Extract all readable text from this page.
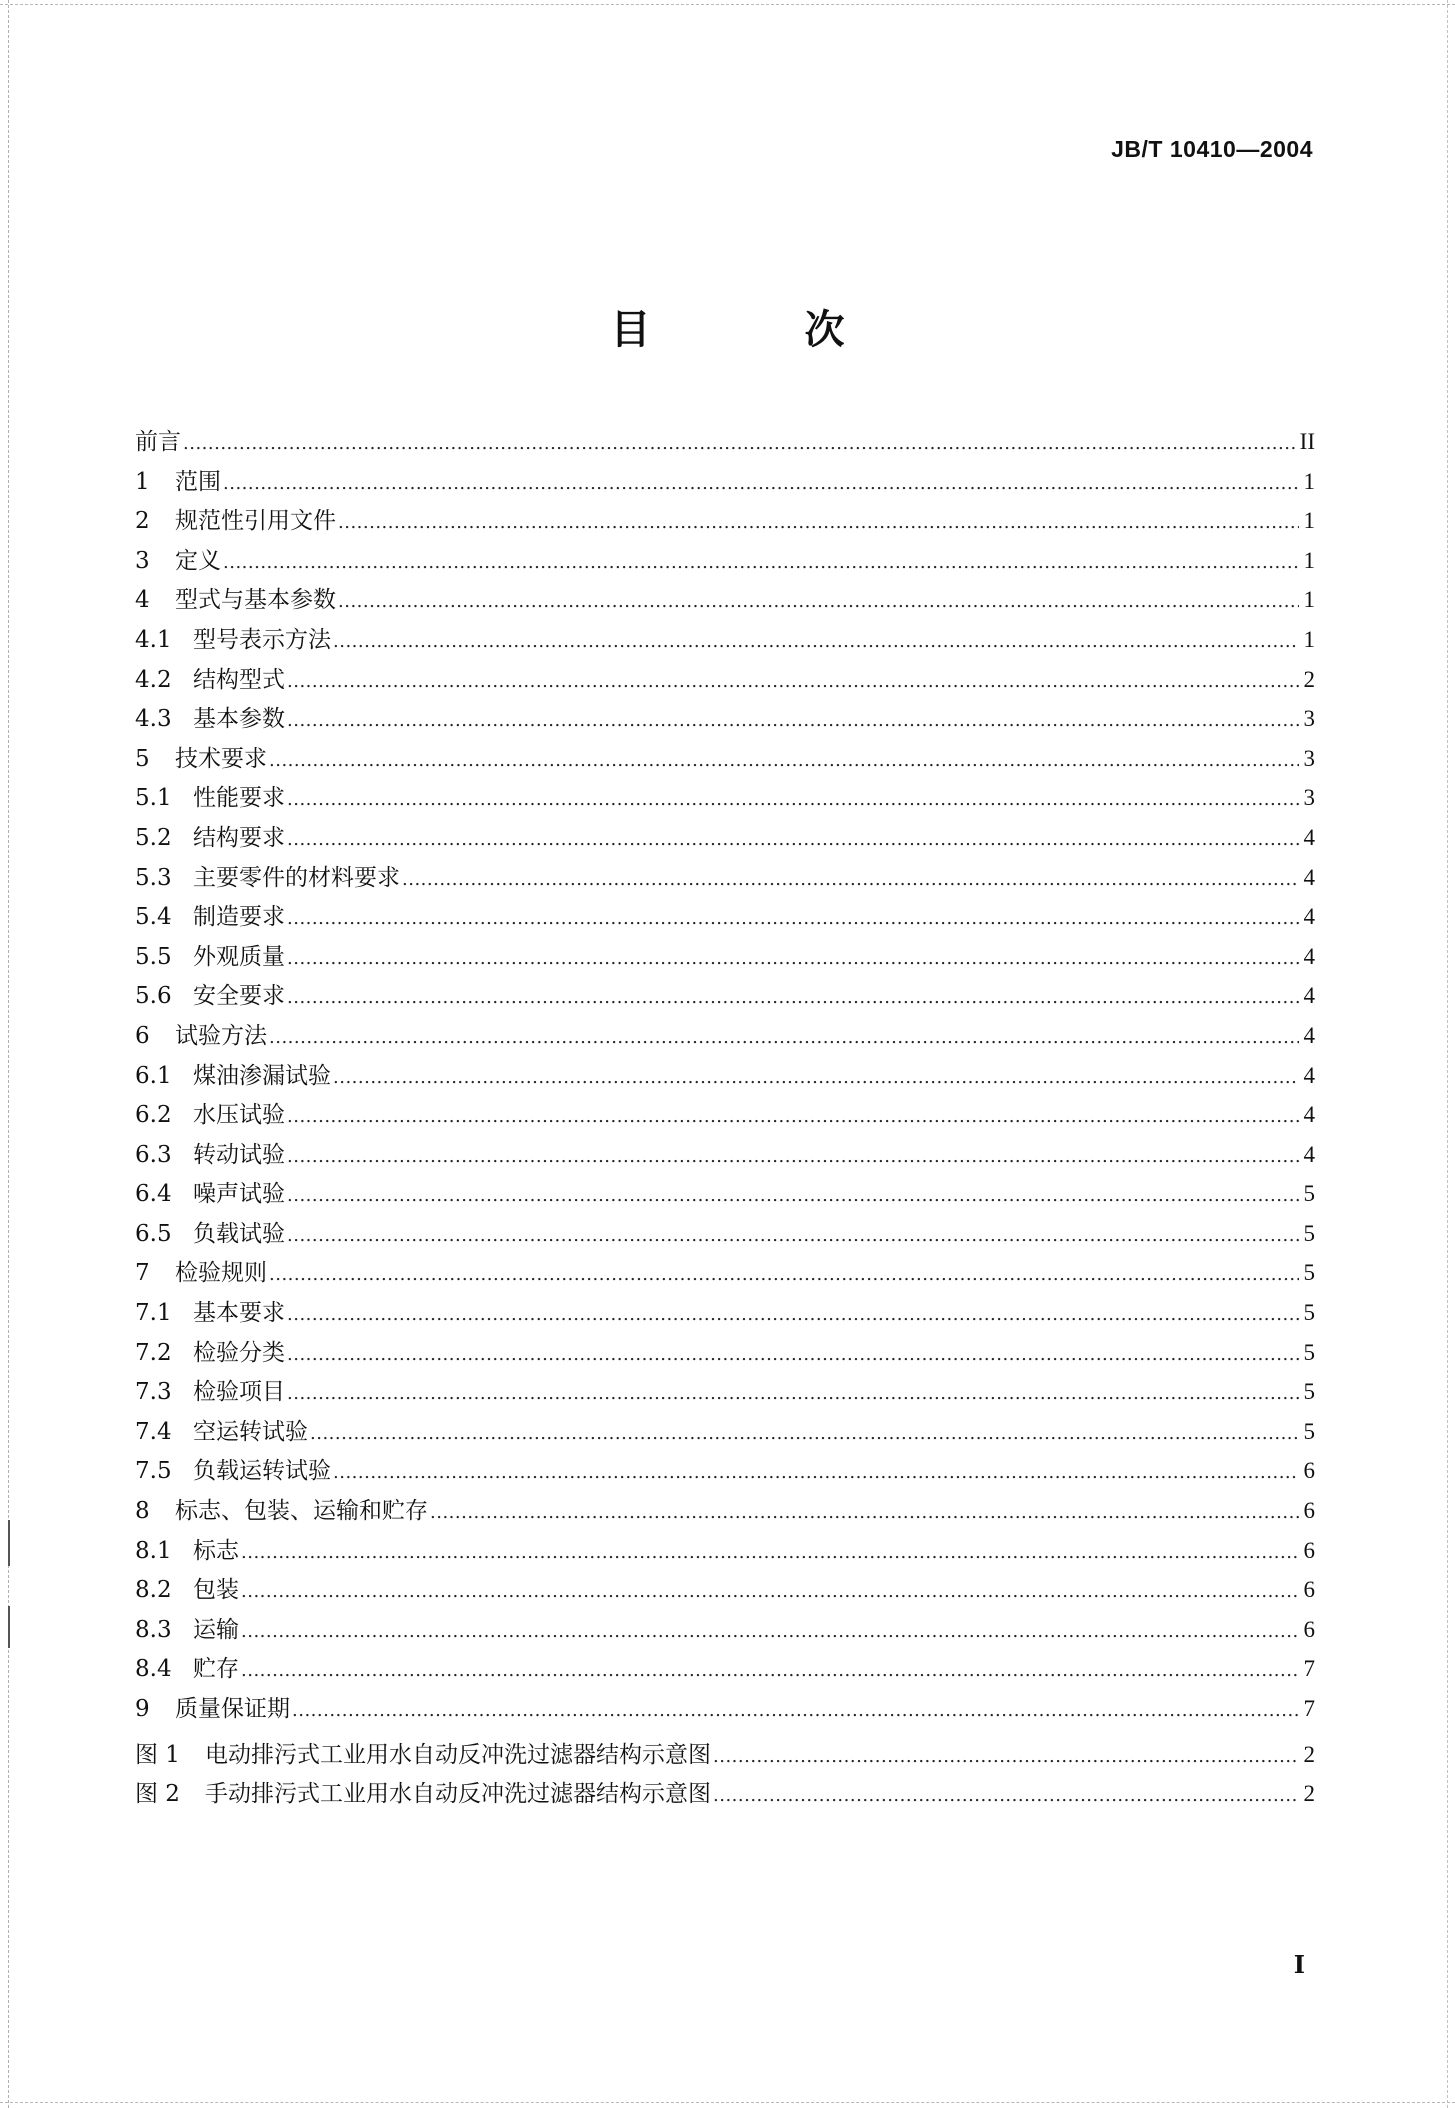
JB/T 10410—2004
目 次
前言 .....	II
1	范围 .....	1
2	规范性引用文件 .....	1
3	定义 .....	1
4	型式与基本参数 .....	1
4.1 型号表示方法 .....	1
4.2 结构型式 .....	2
4.3 基本参数 .....	3
5	技术要求 .....	3
5.1 性能要求 .....	3
5.2 结构要求 .....	4
5.3 主要零件的材料要求 .....	4
5.4 制造要求 .....	4
5.5 外观质量 .....	4
5.6 安全要求 .....	4
6	试验方法 .....	4
6.1 煤油渗漏试验 .....	4
6.2 水压试验 .....	4
6.3 转动试验 .....	4
6.4 噪声试验 .....	5
6.5 负载试验 .....	5
7	检验规则 .....	5
7.1 基本要求 .....	5
7.2 检验分类 .....	5
7.3 检验项目 .....	5
7.4 空运转试验 .....	5
7.5 负载运转试验 .....	6
8	标志、包装、运输和贮存 .....	6
8.1 标志 .....	6
8.2 包装 .....	6
8.3 运输 .....	6
8.4 贮存 .....	7
9	质量保证期 .....	7
图 1	电动排污式工业用水自动反冲洗过滤器结构示意图 .....	2
图 2	手动排污式工业用水自动反冲洗过滤器结构示意图 .....	2
I
